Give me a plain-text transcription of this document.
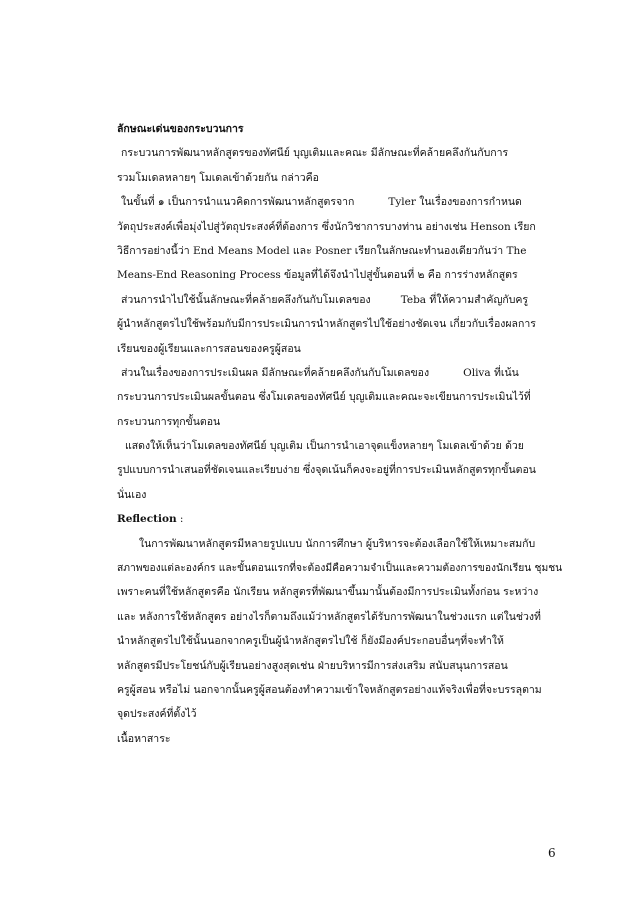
ลักษณะเด่นของกระบวนการ
กระบวนการพัฒนาหลักสูตรของทัศนีย์ บุญเติมและคณะ มีลักษณะที่คล้ายคลึงกันกับการ
รวมโมเดลหลายๆ โมเดลเข้าด้วยกัน กล่าวคือ
ในขั้นที่ ๑ เป็นการนำแนวคิดการพัฒนาหลักสูตรจาก	Tyler ในเรื่องของการกำหนด
วัตถุประสงค์เพื่อมุ่งไปสู่วัตถุประสงค์ที่ต้องการ ซึ่งนักวิชาการบางท่าน อย่างเช่น Henson เรียก
วิธีการอย่างนี้ว่า End Means Model และ Posner เรียกในลักษณะทำนองเดียวกันว่า The
Means-End Reasoning Process ข้อมูลที่ได้จึงนำไปสู่ขั้นตอนที่ ๒ คือ การร่างหลักสูตร
ส่วนการนำไปใช้นั้นลักษณะที่คล้ายคลึงกันกับโมเดลของ	Teba ที่ให้ความสำคัญกับครู
ผู้นำหลักสูตรไปใช้พร้อมกับมีการประเมินการนำหลักสูตรไปใช้อย่างชัดเจน เกี่ยวกับเรื่องผลการ
เรียนของผู้เรียนและการสอนของครูผู้สอน
ส่วนในเรื่องของการประเมินผล มีลักษณะที่คล้ายคลึงกันกับโมเดลของ	Oliva ที่เน้น
กระบวนการประเมินผลขั้นตอน ซึ่งโมเดลของทัศนีย์ บุญเติมและคณะจะเขียนการประเมินไว้ที่
กระบวนการทุกขั้นตอน
แสดงให้เห็นว่าโมเดลของทัศนีย์ บุญเติม เป็นการนำเอาจุดแข็งหลายๆ โมเดลเข้าด้วย ด้วย
รูปแบบการนำเสนอที่ชัดเจนและเรียบง่าย ซึ่งจุดเน้นก็คงจะอยู่ที่การประเมินหลักสูตรทุกขั้นตอน
นั่นเอง
Reflection :
ในการพัฒนาหลักสูตรมีหลายรูปแบบ นักการศึกษา ผู้บริหารจะต้องเลือกใช้ให้เหมาะสมกับ
สภาพของแต่ละองค์กร และขั้นตอนแรกที่จะต้องมีคือความจำเป็นและความต้องการของนักเรียน ชุมชน
เพราะคนที่ใช้หลักสูตรคือ นักเรียน หลักสูตรที่พัฒนาขึ้นมานั้นต้องมีการประเมินทั้งก่อน ระหว่าง
และ หลังการใช้หลักสูตร อย่างไรก็ตามถึงแม้ว่าหลักสูตรได้รับการพัฒนาในช่วงแรก แต่ในช่วงที่
นำหลักสูตรไปใช้นั้นนอกจากครูเป็นผู้นำหลักสูตรไปใช้ ก็ยังมีองค์ประกอบอื่นๆที่จะทำให้
หลักสูตรมีประโยชน์กับผู้เรียนอย่างสูงสุดเช่น ฝ่ายบริหารมีการส่งเสริม สนับสนุนการสอน
ครูผู้สอน หรือไม่ นอกจากนั้นครูผู้สอนต้องทำความเข้าใจหลักสูตรอย่างแท้จริงเพื่อที่จะบรรลุตาม
จุดประสงค์ที่ตั้งไว้
เนื้อหาสาระ
6
